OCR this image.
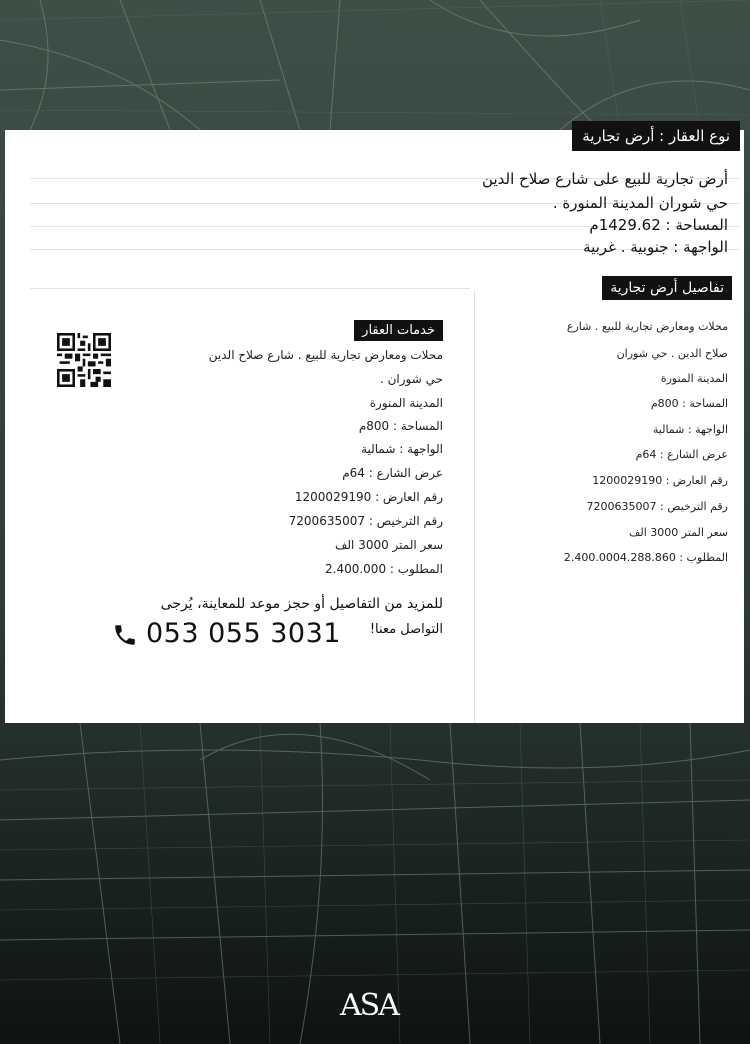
نوع العقار : أرض تجارية
أرض تجارية للبيع على شارع صلاح الدين
حي شوران المدينة المنورة .
المساحة : 1429.62م
الواجهة : جنوبية . غربية
تفاصيل أرض تجارية
محلات ومعارض تجارية للبيع . شارع
صلاح الدين . حي شوران
المدينة المنورة
المساحة : 800م
الواجهة : شمالية
عرض الشارع : 64م
رقم العارض : 1200029190
رقم الترخيص : 7200635007
سعر المتر 3000 الف
المطلوب : 2.400.0004.288.860
خدمات العقار
محلات ومعارض تجارية للبيع . شارع صلاح الدين
حي شوران .
المدينة المنورة
المساحة : 800م
الواجهة : شمالية
عرض الشارع : 64م
رقم العارض : 1200029190
رقم الترخيص : 7200635007
سعر المتر 3000 الف
المطلوب : 2.400.000
للمزيد من التفاصيل أو حجز موعد للمعاينة، يُرجى
التواصل معنا!
053 055 3031
ASA
